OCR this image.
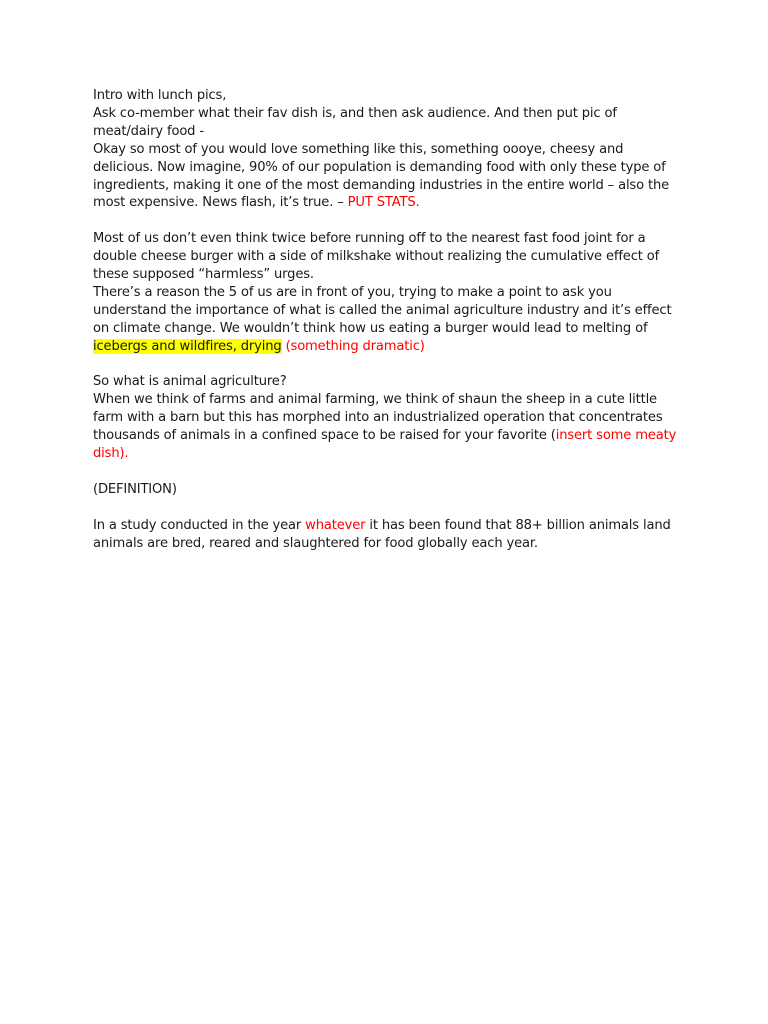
Intro with lunch pics,
Ask co-member what their fav dish is, and then ask audience. And then put pic of meat/dairy food -
Okay so most of you would love something like this, something oooye, cheesy and delicious. Now imagine, 90% of our population is demanding food with only these type of ingredients, making it one of the most demanding industries in the entire world – also the most expensive. News flash, it’s true. – PUT STATS.

Most of us don’t even think twice before running off to the nearest fast food joint for a double cheese burger with a side of milkshake without realizing the cumulative effect of these supposed “harmless” urges.
There’s a reason the 5 of us are in front of you, trying to make a point to ask you understand the importance of what is called the animal agriculture industry and it’s effect on climate change. We wouldn’t think how us eating a burger would lead to melting of icebergs and wildfires, drying (something dramatic)

So what is animal agriculture?
When we think of farms and animal farming, we think of shaun the sheep in a cute little farm with a barn but this has morphed into an industrialized operation that concentrates thousands of animals in a confined space to be raised for your favorite (insert some meaty dish).

(DEFINITION)

In a study conducted in the year whatever it has been found that 88+ billion animals land animals are bred, reared and slaughtered for food globally each year.
